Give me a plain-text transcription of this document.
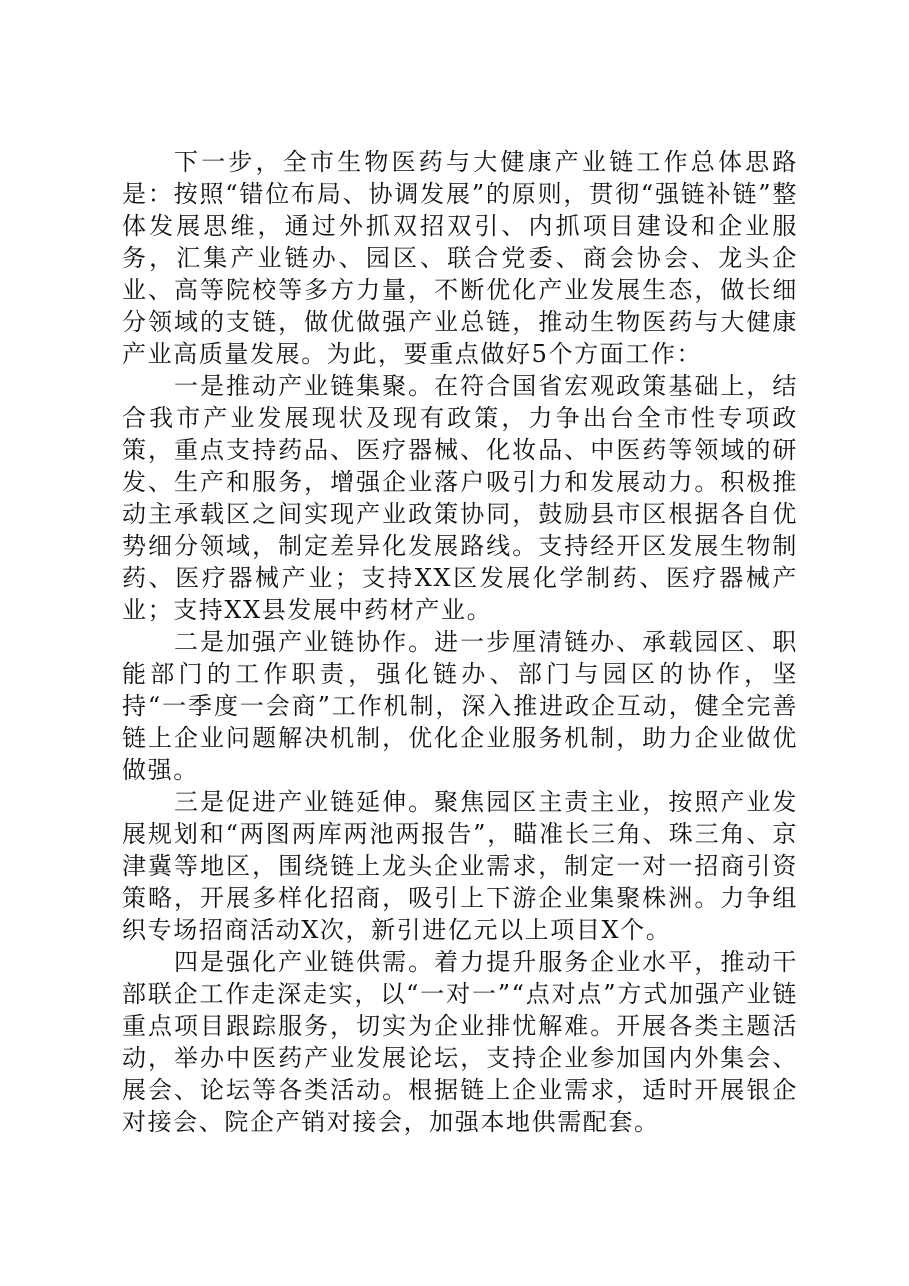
下一步，全市生物医药与大健康产业链工作总体思路是：按照“错位布局、协调发展”的原则，贯彻“强链补链”整体发展思维，通过外抓双招双引、内抓项目建设和企业服务，汇集产业链办、园区、联合党委、商会协会、龙头企业、高等院校等多方力量，不断优化产业发展生态，做长细分领域的支链，做优做强产业总链，推动生物医药与大健康产业高质量发展。为此，要重点做好5个方面工作：

一是推动产业链集聚。在符合国省宏观政策基础上，结合我市产业发展现状及现有政策，力争出台全市性专项政策，重点支持药品、医疗器械、化妆品、中医药等领域的研发、生产和服务，增强企业落户吸引力和发展动力。积极推动主承载区之间实现产业政策协同，鼓励县市区根据各自优势细分领域，制定差异化发展路线。支持经开区发展生物制药、医疗器械产业；支持XX区发展化学制药、医疗器械产业；支持XX县发展中药材产业。

二是加强产业链协作。进一步厘清链办、承载园区、职能部门的工作职责，强化链办、部门与园区的协作，坚持“一季度一会商”工作机制，深入推进政企互动，健全完善链上企业问题解决机制，优化企业服务机制，助力企业做优做强。

三是促进产业链延伸。聚焦园区主责主业，按照产业发展规划和“两图两库两池两报告”，瞄准长三角、珠三角、京津冀等地区，围绕链上龙头企业需求，制定一对一招商引资策略，开展多样化招商，吸引上下游企业集聚株洲。力争组织专场招商活动X次，新引进亿元以上项目X个。

四是强化产业链供需。着力提升服务企业水平，推动干部联企工作走深走实，以“一对一”“点对点”方式加强产业链重点项目跟踪服务，切实为企业排忧解难。开展各类主题活动，举办中医药产业发展论坛，支持企业参加国内外集会、展会、论坛等各类活动。根据链上企业需求，适时开展银企对接会、院企产销对接会，加强本地供需配套。
